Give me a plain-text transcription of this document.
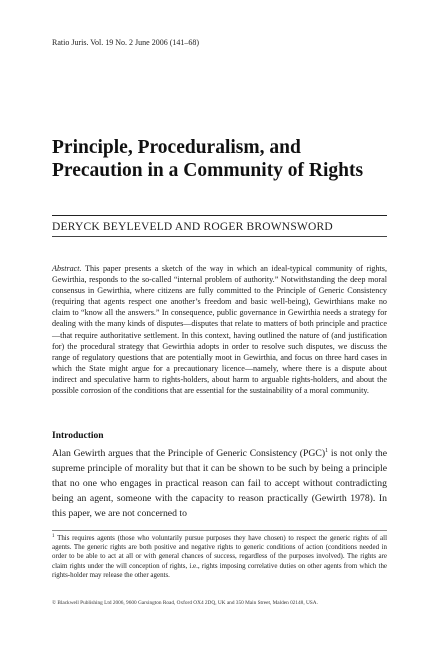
Ratio Juris. Vol. 19 No. 2 June 2006 (141–68)
Principle, Proceduralism, and Precaution in a Community of Rights
DERYCK BEYLEVELD AND ROGER BROWNSWORD

Abstract. This paper presents a sketch of the way in which an ideal-typical community of rights, Gewirthia, responds to the so-called “internal problem of authority.” Notwithstanding the deep moral consensus in Gewirthia, where citizens are fully committed to the Principle of Generic Consistency (requiring that agents respect one another’s freedom and basic well-being), Gewirthians make no claim to “know all the answers.” In consequence, public governance in Gewirthia needs a strategy for dealing with the many kinds of disputes—disputes that relate to matters of both principle and practice—that require authoritative settlement. In this context, having outlined the nature of (and justification for) the procedural strategy that Gewirthia adopts in order to resolve such disputes, we discuss the range of regulatory questions that are potentially moot in Gewirthia, and focus on three hard cases in which the State might argue for a precautionary licence—namely, where there is a dispute about indirect and speculative harm to rights-holders, about harm to arguable rights-holders, and about the possible corrosion of the conditions that are essential for the sustainability of a moral community.

Introduction

Alan Gewirth argues that the Principle of Generic Consistency (PGC)$^1$ is not only the supreme principle of morality but that it can be shown to be such by being a principle that no one who engages in practical reason can fail to accept without contradicting being an agent, someone with the capacity to reason practically (Gewirth 1978). In this paper, we are not concerned to

$^1$ This requires agents (those who voluntarily pursue purposes they have chosen) to respect the generic rights of all agents. The generic rights are both positive and negative rights to generic conditions of action (conditions needed in order to be able to act at all or with general chances of success, regardless of the purposes involved). The rights are claim rights under the will conception of rights, i.e., rights imposing correlative duties on other agents from which the rights-holder may release the other agents.

© Blackwell Publishing Ltd 2006, 9600 Garsington Road, Oxford OX4 2DQ, UK and 350 Main Street, Malden 02148, USA.
